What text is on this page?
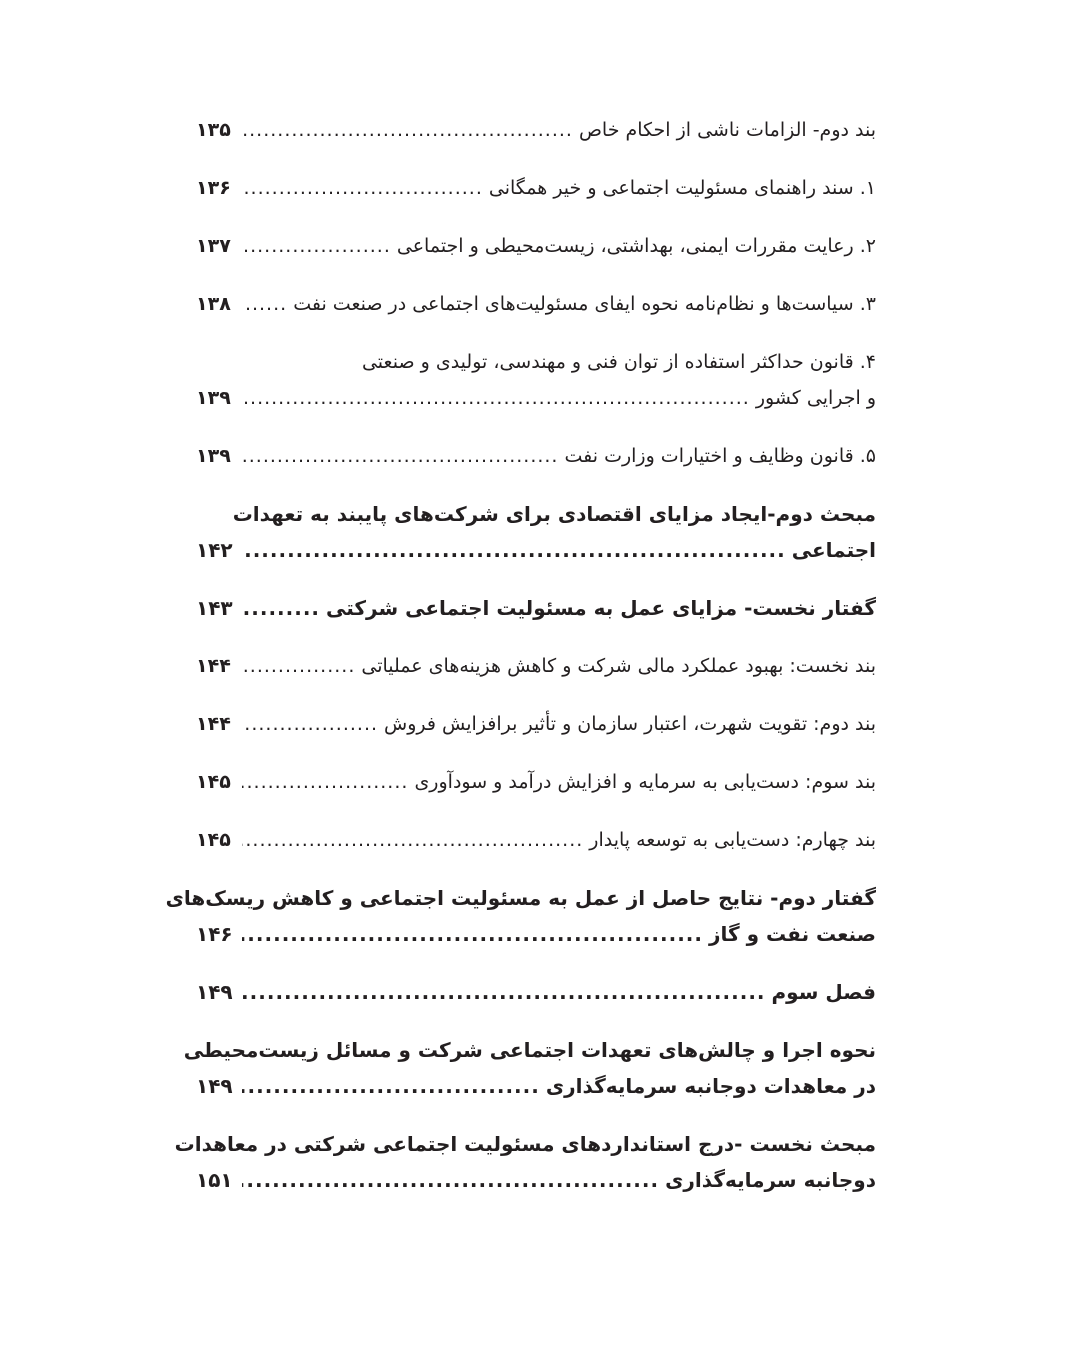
بند دوم- الزامات ناشی از احکام خاص
.....
۱۳۵
۱. سند راهنمای مسئولیت اجتماعی و خیر همگانی
.....
۱۳۶
۲. رعایت مقررات ایمنی، بهداشتی، زیست‌محیطی و اجتماعی
.....
۱۳۷
۳. سیاست‌ها و نظام‌نامه نحوه ایفای مسئولیت‌های اجتماعی در صنعت نفت
.....
۱۳۸
۴. قانون حداکثر استفاده از توان فنی و مهندسی، تولیدی و صنعتی
و اجرایی کشور
.....
۱۳۹
۵. قانون وظایف و اختیارات وزارت نفت
.....
۱۳۹
مبحث دوم-ایجاد مزایای اقتصادی برای شرکت‌های پایبند به تعهدات
اجتماعی
.....
۱۴۲
گفتار نخست- مزایای عمل به مسئولیت اجتماعی شرکتی
.....
۱۴۳
بند نخست: بهبود عملکرد مالی شرکت و کاهش هزینه‌های عملیاتی
.....
۱۴۴
بند دوم: تقویت شهرت، اعتبار سازمان و تأثیر برافزایش فروش
.....
۱۴۴
بند سوم: دست‌یابی به سرمایه و افزایش درآمد و سودآوری
.....
۱۴۵
بند چهارم: دست‌یابی به توسعه پایدار
.....
۱۴۵
گفتار دوم- نتایج حاصل از عمل به مسئولیت اجتماعی و کاهش ریسک‌های
صنعت نفت و گاز
.....
۱۴۶
فصل سوم
.....
۱۴۹
نحوه اجرا و چالش‌های تعهدات اجتماعی شرکت و مسائل زیست‌محیطی
در معاهدات دوجانبه سرمایه‌گذاری
.....
۱۴۹
مبحث نخست -درج استانداردهای مسئولیت اجتماعی شرکتی در معاهدات
دوجانبه سرمایه‌گذاری
.....
۱۵۱
